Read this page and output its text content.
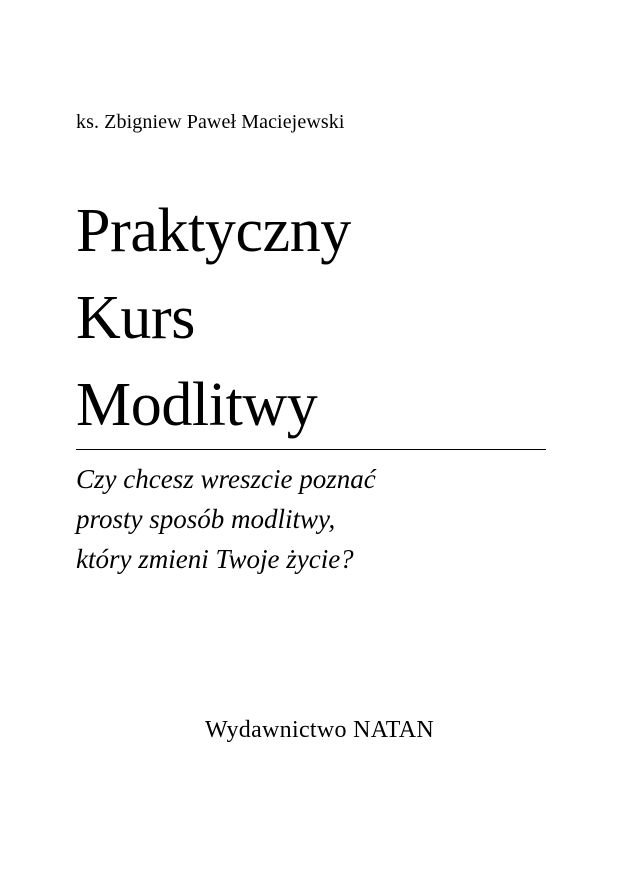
ks. Zbigniew Paweł Maciejewski
Praktyczny
Kurs
Modlitwy
Czy chcesz wreszcie poznać
prosty sposób modlitwy,
który zmieni Twoje życie?
Wydawnictwo NATAN
